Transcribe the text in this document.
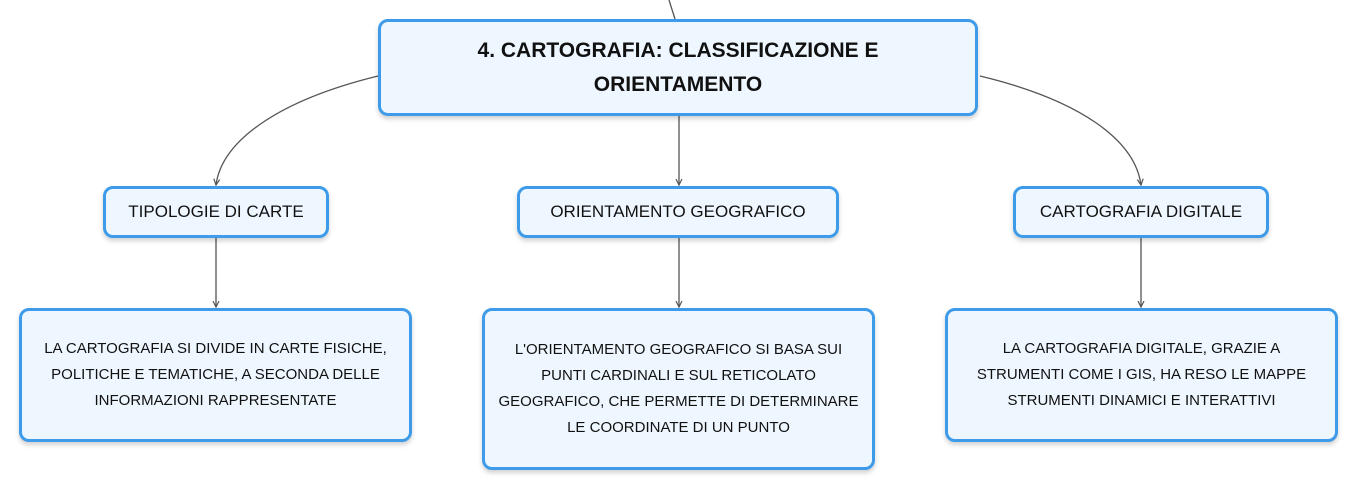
4. CARTOGRAFIA: CLASSIFICAZIONE E ORIENTAMENTO
TIPOLOGIE DI CARTE	ORIENTAMENTO GEOGRAFICO	CARTOGRAFIA DIGITALE
LA CARTOGRAFIA SI DIVIDE IN CARTE FISICHE, POLITICHE E TEMATICHE, A SECONDA DELLE INFORMAZIONI RAPPRESENTATE
L'ORIENTAMENTO GEOGRAFICO SI BASA SUI PUNTI CARDINALI E SUL RETICOLATO GEOGRAFICO, CHE PERMETTE DI DETERMINARE LE COORDINATE DI UN PUNTO
LA CARTOGRAFIA DIGITALE, GRAZIE A STRUMENTI COME I GIS, HA RESO LE MAPPE STRUMENTI DINAMICI E INTERATTIVI
